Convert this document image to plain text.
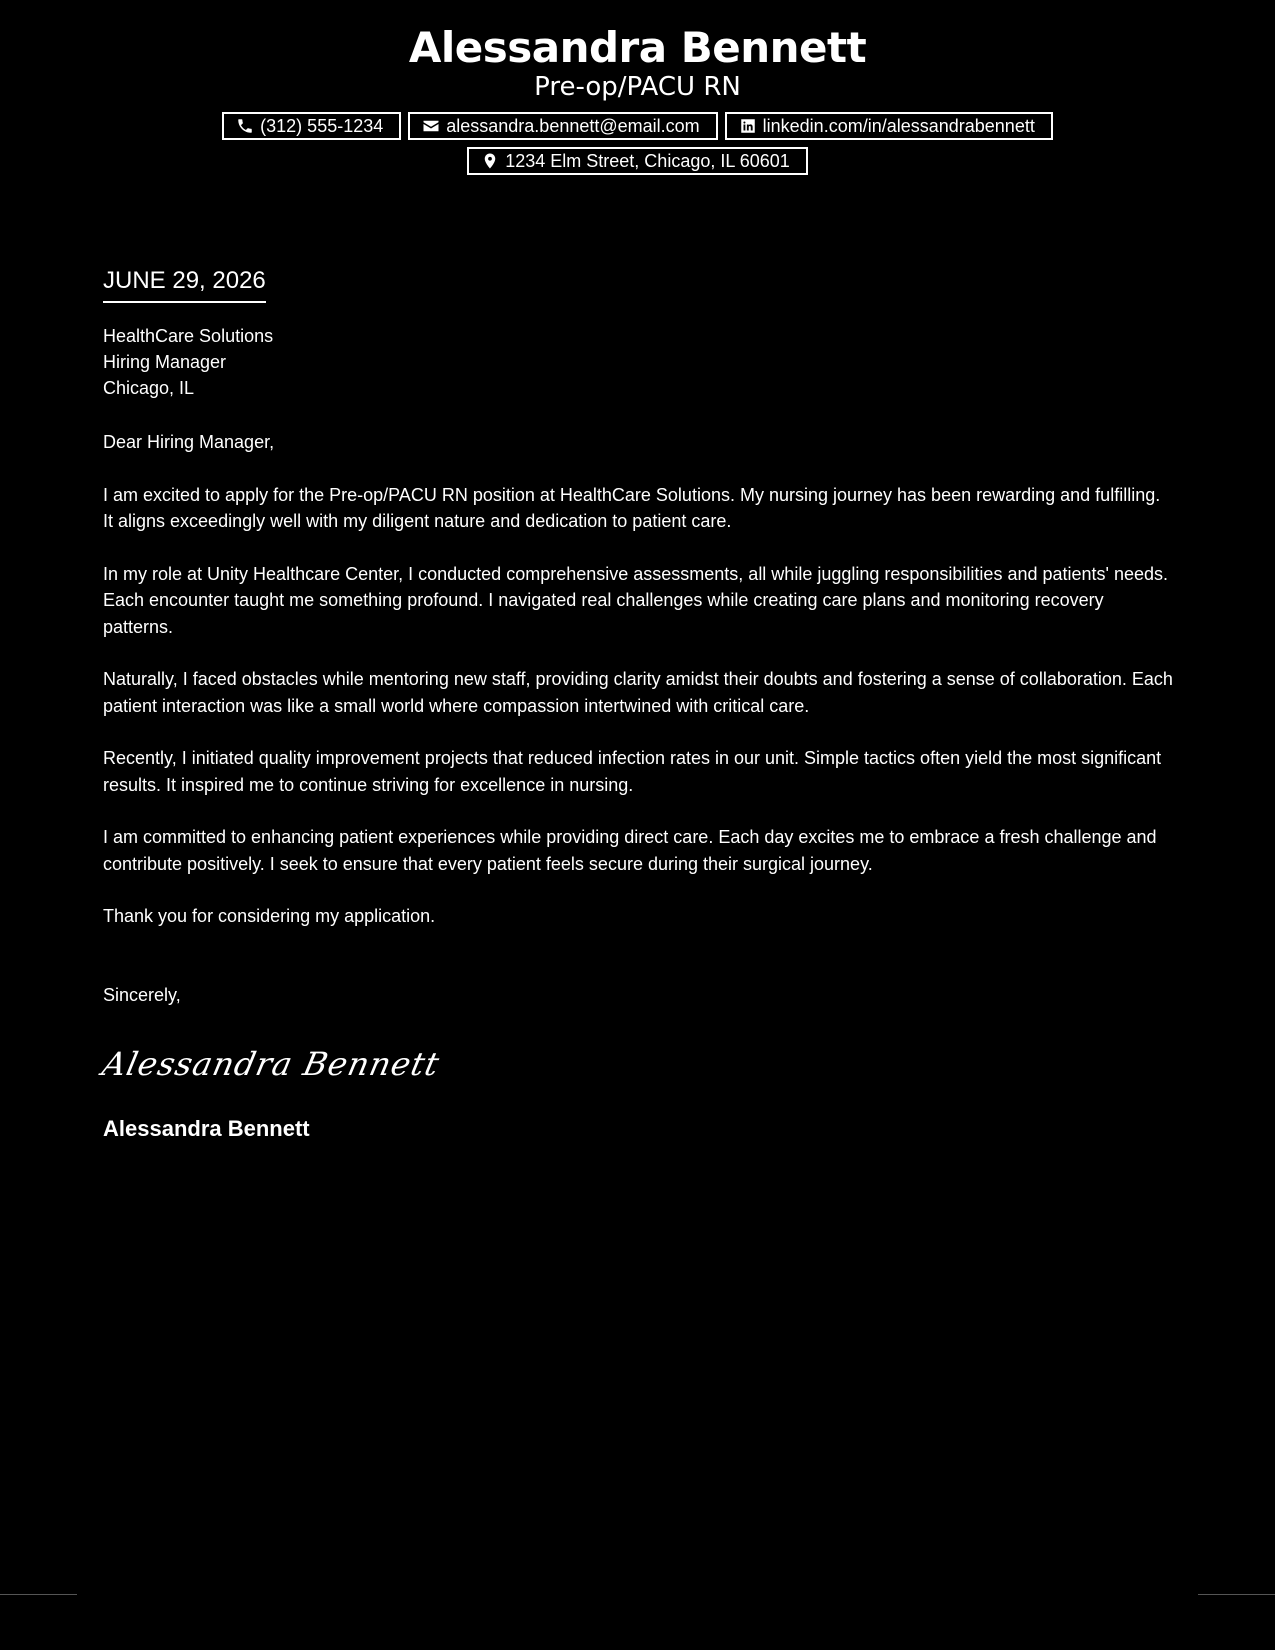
Alessandra Bennett
Pre-op/PACU RN
(312) 555-1234	alessandra.bennett@email.com	linkedin.com/in/alessandrabennett
1234 Elm Street, Chicago, IL 60601
JUNE 29, 2026
HealthCare Solutions
Hiring Manager
Chicago, IL
Dear Hiring Manager,
I am excited to apply for the Pre-op/PACU RN position at HealthCare Solutions. My nursing journey has been rewarding and fulfilling. It aligns exceedingly well with my diligent nature and dedication to patient care.
In my role at Unity Healthcare Center, I conducted comprehensive assessments, all while juggling responsibilities and patients' needs. Each encounter taught me something profound. I navigated real challenges while creating care plans and monitoring recovery patterns.
Naturally, I faced obstacles while mentoring new staff, providing clarity amidst their doubts and fostering a sense of collaboration. Each patient interaction was like a small world where compassion intertwined with critical care.
Recently, I initiated quality improvement projects that reduced infection rates in our unit. Simple tactics often yield the most significant results. It inspired me to continue striving for excellence in nursing.
I am committed to enhancing patient experiences while providing direct care. Each day excites me to embrace a fresh challenge and contribute positively. I seek to ensure that every patient feels secure during their surgical journey.
Thank you for considering my application.
Sincerely,
Alessandra Bennett
Alessandra Bennett
